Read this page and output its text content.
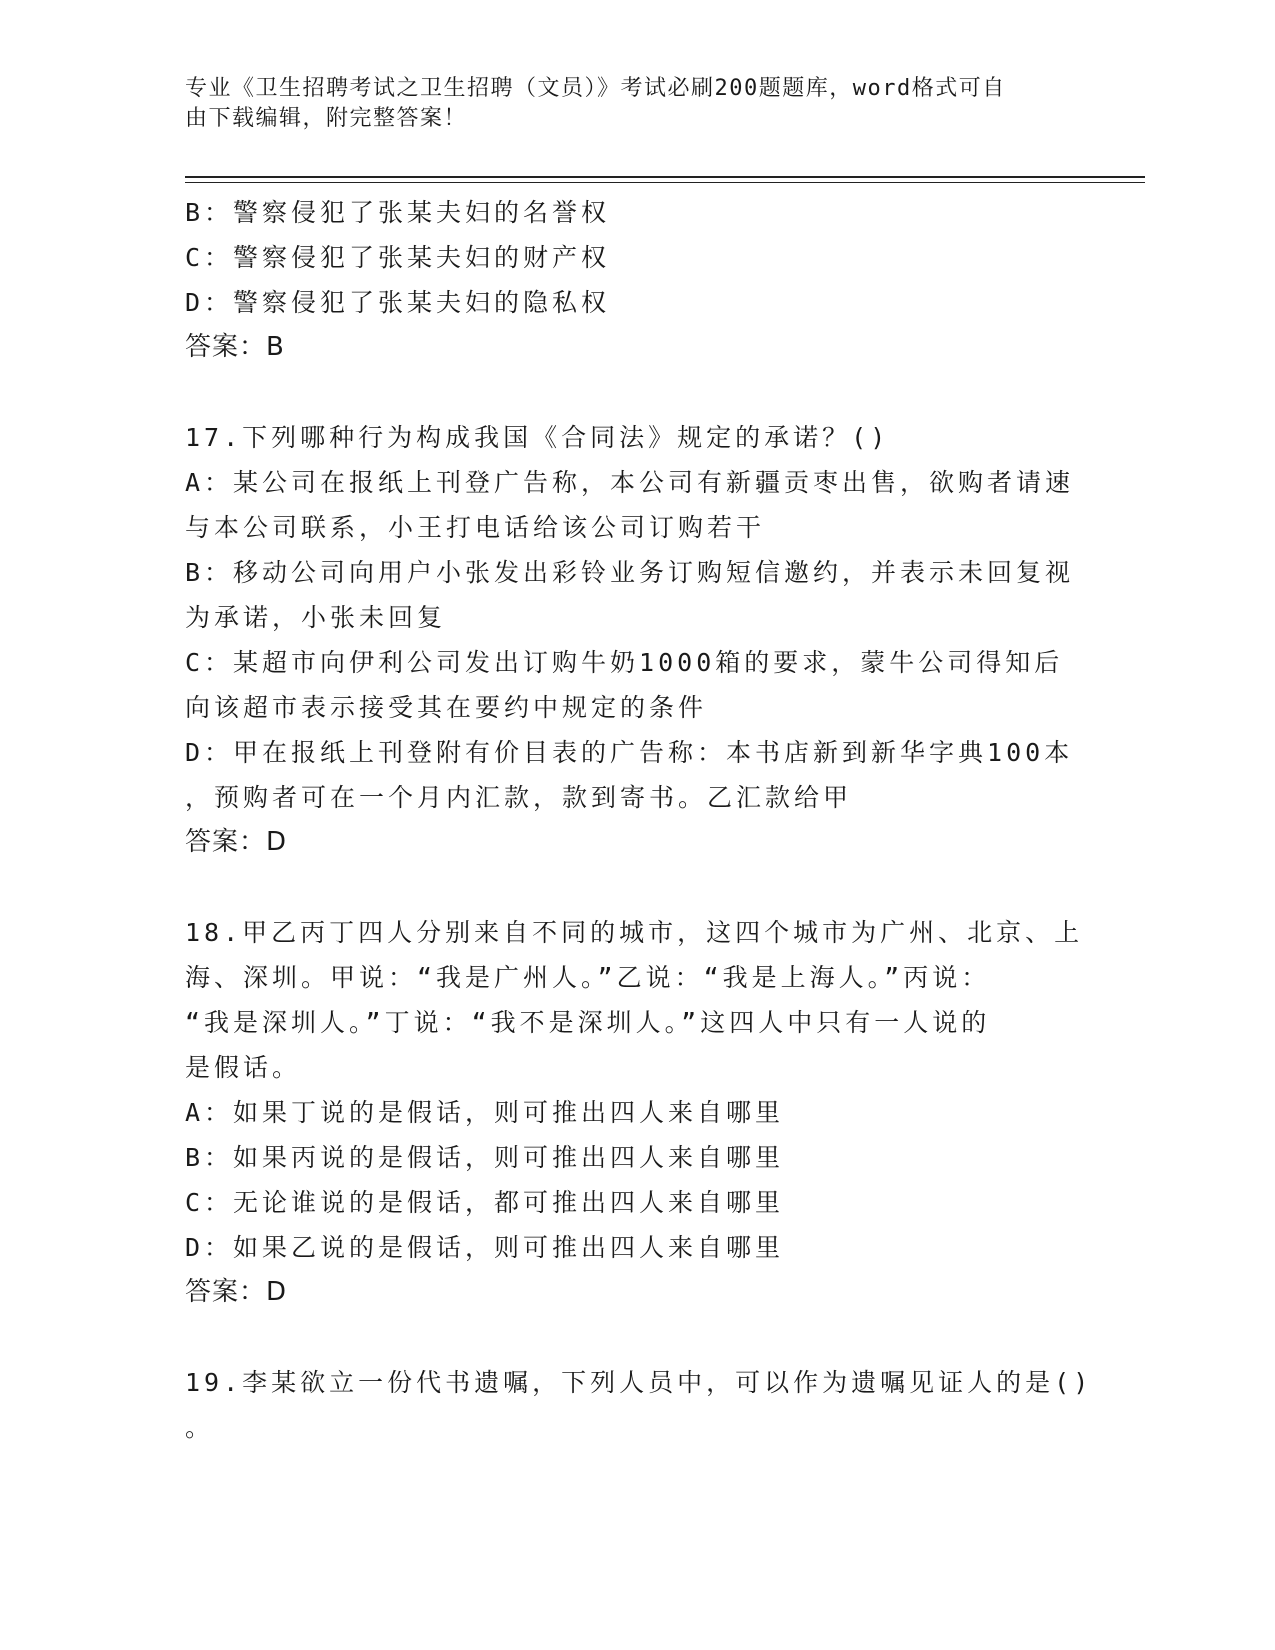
专业《卫生招聘考试之卫生招聘（文员）》考试必刷200题题库，word格式可自
由下载编辑，附完整答案！
B：警察侵犯了张某夫妇的名誉权
C：警察侵犯了张某夫妇的财产权
D：警察侵犯了张某夫妇的隐私权
答案：B
17.下列哪种行为构成我国《合同法》规定的承诺？()
A：某公司在报纸上刊登广告称，本公司有新疆贡枣出售，欲购者请速
与本公司联系，小王打电话给该公司订购若干
B：移动公司向用户小张发出彩铃业务订购短信邀约，并表示未回复视
为承诺，小张未回复
C：某超市向伊利公司发出订购牛奶1000箱的要求，蒙牛公司得知后
向该超市表示接受其在要约中规定的条件
D：甲在报纸上刊登附有价目表的广告称：本书店新到新华字典100本
，预购者可在一个月内汇款，款到寄书。乙汇款给甲
答案：D
18.甲乙丙丁四人分别来自不同的城市，这四个城市为广州、北京、上
海、深圳。甲说：“我是广州人。”乙说：“我是上海人。”丙说：
“我是深圳人。”丁说：“我不是深圳人。”这四人中只有一人说的
是假话。
A：如果丁说的是假话，则可推出四人来自哪里
B：如果丙说的是假话，则可推出四人来自哪里
C：无论谁说的是假话，都可推出四人来自哪里
D：如果乙说的是假话，则可推出四人来自哪里
答案：D
19.李某欲立一份代书遗嘱，下列人员中，可以作为遗嘱见证人的是()
。
